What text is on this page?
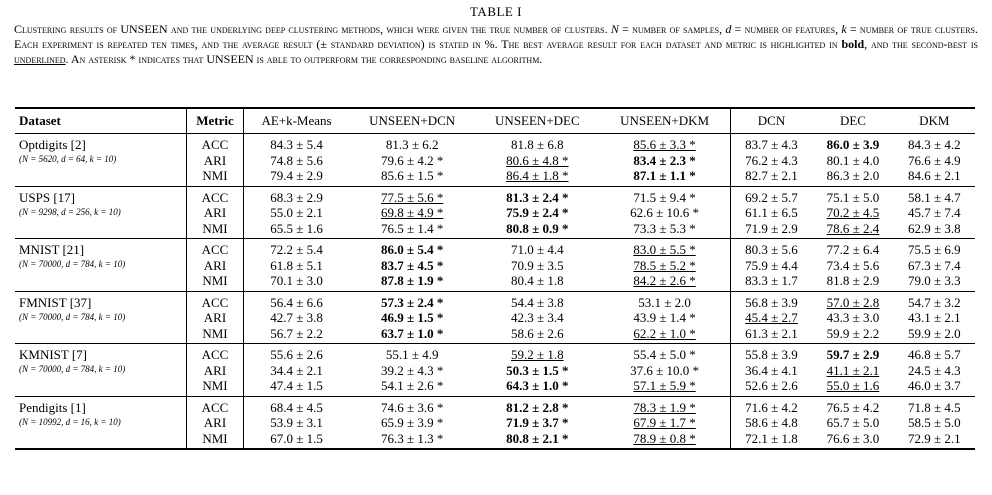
TABLE I
Clustering results of UNSEEN and the underlying deep clustering methods, which were given the true number of clusters. N = number of samples, d = number of features, k = number of true clusters. Each experiment is repeated ten times, and the average result (± standard deviation) is stated in %. The best average result for each dataset and metric is highlighted in bold, and the second-best is underlined. An asterisk * indicates that UNSEEN is able to outperform the corresponding baseline algorithm.
Dataset	Metric	AE+k-Means	UNSEEN+DCN	UNSEEN+DEC	UNSEEN+DKM	DCN	DEC	DKM

Optdigits [2]
(N = 5620, d = 64, k = 10)	ACC	84.3 ± 5.4	81.3 ± 6.2	81.8 ± 6.8	85.6 ± 3.3 *	83.7 ± 4.3	86.0 ± 3.9	84.3 ± 4.2
	ARI	74.8 ± 5.6	79.6 ± 4.2 *	80.6 ± 4.8 *	83.4 ± 2.3 *	76.2 ± 4.3	80.1 ± 4.0	76.6 ± 4.9
	NMI	79.4 ± 2.9	85.6 ± 1.5 *	86.4 ± 1.8 *	87.1 ± 1.1 *	82.7 ± 2.1	86.3 ± 2.0	84.6 ± 2.1

USPS [17]
(N = 9298, d = 256, k = 10)	ACC	68.3 ± 2.9	77.5 ± 5.6 *	81.3 ± 2.4 *	71.5 ± 9.4 *	69.2 ± 5.7	75.1 ± 5.0	58.1 ± 4.7
	ARI	55.0 ± 2.1	69.8 ± 4.9 *	75.9 ± 2.4 *	62.6 ± 10.6 *	61.1 ± 6.5	70.2 ± 4.5	45.7 ± 7.4
	NMI	65.5 ± 1.6	76.5 ± 1.4 *	80.8 ± 0.9 *	73.3 ± 5.3 *	71.9 ± 2.9	78.6 ± 2.4	62.9 ± 3.8

MNIST [21]
(N = 70000, d = 784, k = 10)	ACC	72.2 ± 5.4	86.0 ± 5.4 *	71.0 ± 4.4	83.0 ± 5.5 *	80.3 ± 5.6	77.2 ± 6.4	75.5 ± 6.9
	ARI	61.8 ± 5.1	83.7 ± 4.5 *	70.9 ± 3.5	78.5 ± 5.2 *	75.9 ± 4.4	73.4 ± 5.6	67.3 ± 7.4
	NMI	70.1 ± 3.0	87.8 ± 1.9 *	80.4 ± 1.8	84.2 ± 2.6 *	83.3 ± 1.7	81.8 ± 2.9	79.0 ± 3.3

FMNIST [37]
(N = 70000, d = 784, k = 10)	ACC	56.4 ± 6.6	57.3 ± 2.4 *	54.4 ± 3.8	53.1 ± 2.0	56.8 ± 3.9	57.0 ± 2.8	54.7 ± 3.2
	ARI	42.7 ± 3.8	46.9 ± 1.5 *	42.3 ± 3.4	43.9 ± 1.4 *	45.4 ± 2.7	43.3 ± 3.0	43.1 ± 2.1
	NMI	56.7 ± 2.2	63.7 ± 1.0 *	58.6 ± 2.6	62.2 ± 1.0 *	61.3 ± 2.1	59.9 ± 2.2	59.9 ± 2.0

KMNIST [7]
(N = 70000, d = 784, k = 10)	ACC	55.6 ± 2.6	55.1 ± 4.9	59.2 ± 1.8	55.4 ± 5.0 *	55.8 ± 3.9	59.7 ± 2.9	46.8 ± 5.7
	ARI	34.4 ± 2.1	39.2 ± 4.3 *	50.3 ± 1.5 *	37.6 ± 10.0 *	36.4 ± 4.1	41.1 ± 2.1	24.5 ± 4.3
	NMI	47.4 ± 1.5	54.1 ± 2.6 *	64.3 ± 1.0 *	57.1 ± 5.9 *	52.6 ± 2.6	55.0 ± 1.6	46.0 ± 3.7

Pendigits [1]
(N = 10992, d = 16, k = 10)	ACC	68.4 ± 4.5	74.6 ± 3.6 *	81.2 ± 2.8 *	78.3 ± 1.9 *	71.6 ± 4.2	76.5 ± 4.2	71.8 ± 4.5
	ARI	53.9 ± 3.1	65.9 ± 3.9 *	71.9 ± 3.7 *	67.9 ± 1.7 *	58.6 ± 4.8	65.7 ± 5.0	58.5 ± 5.0
	NMI	67.0 ± 1.5	76.3 ± 1.3 *	80.8 ± 2.1 *	78.9 ± 0.8 *	72.1 ± 1.8	76.6 ± 3.0	72.9 ± 2.1
